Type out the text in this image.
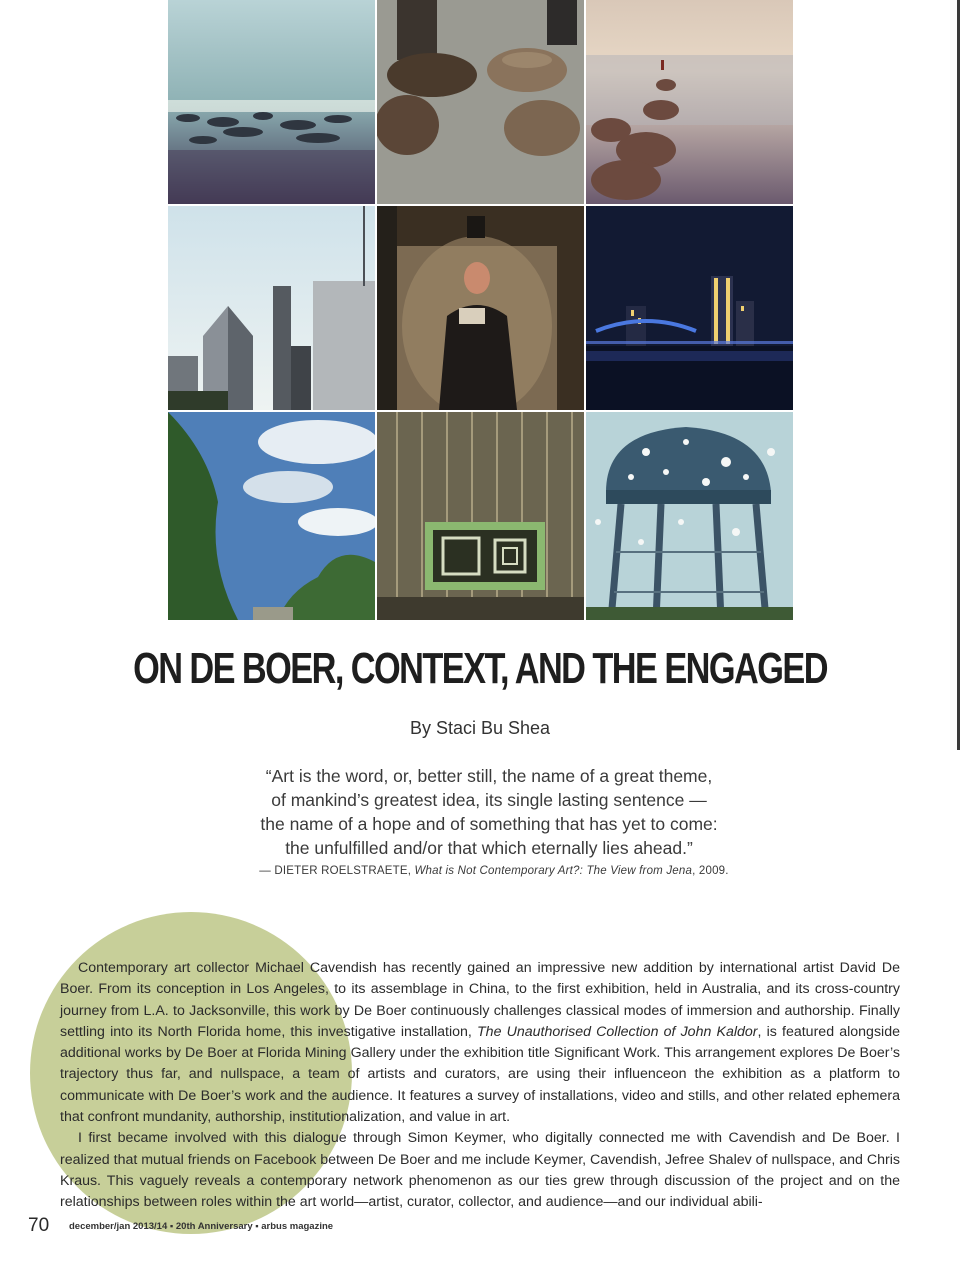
ON DE BOER, CONTEXT, AND THE ENGAGED
By Staci Bu Shea
“Art is the word, or, better still, the name of a great theme,
of mankind’s greatest idea, its single lasting sentence —
the name of a hope and of something that has yet to come:
the unfulfilled and/or that which eternally lies ahead.”
— DIETER ROELSTRAETE, What is Not Contemporary Art?: The View from Jena, 2009.

Contemporary art collector Michael Cavendish has recently gained an impressive new addition by international artist David De Boer. From its conception in Los Angeles, to its assemblage in China, to the first exhibition, held in Australia, and its cross-country journey from L.A. to Jacksonville, this work by De Boer continuously challenges classical modes of immersion and authorship. Finally settling into its North Florida home, this investigative installation, The Unauthorised Collection of John Kaldor, is featured alongside additional works by De Boer at Florida Mining Gallery under the exhibition title Significant Work. This arrangement explores De Boer’s trajectory thus far, and nullspace, a team of artists and curators, are using their influenceon the exhibition as a platform to communicate with De Boer’s work and the audience. It features a survey of installations, video and stills, and other related ephemera that confront mundanity, authorship, institutionalization, and value in art.

I first became involved with this dialogue through Simon Keymer, who digitally connected me with Cavendish and De Boer. I realized that mutual friends on Facebook between De Boer and me include Keymer, Cavendish, Jefree Shalev of nullspace, and Chris Kraus. This vaguely reveals a contemporary network phenomenon as our ties grew through discussion of the project and on the relationships between roles within the art world—artist, curator, collector, and audience—and our individual abili-

70 december/jan 2013/14 ▪ 20th Anniversary ▪ arbus magazine
